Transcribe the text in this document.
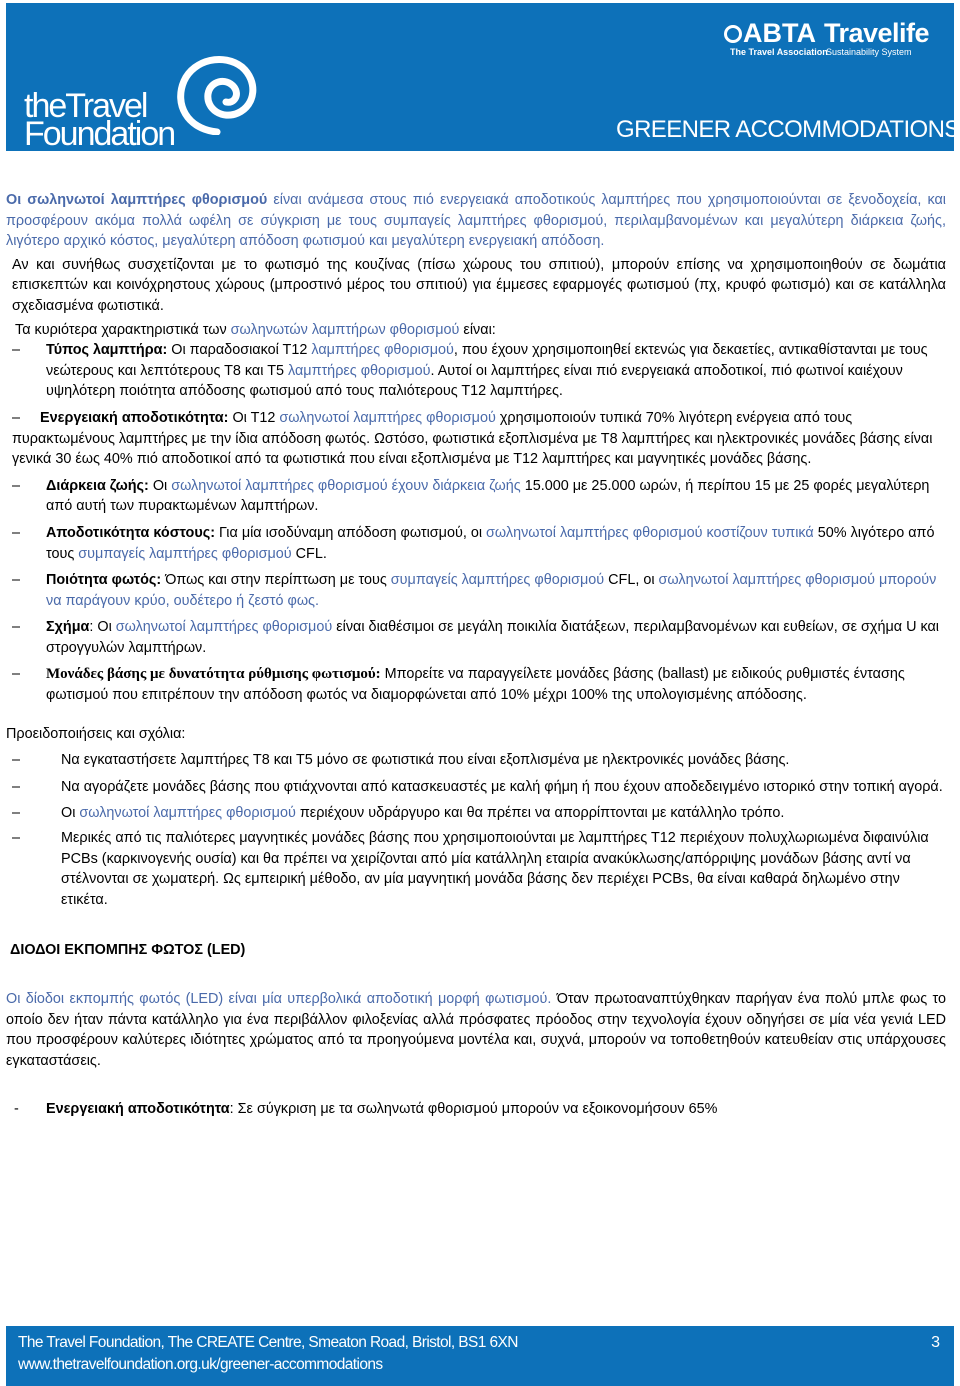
theTravel
Foundation
ABTA
The Travel Association
Travelife
Sustainability System
GREENER ACCOMMODATIONS

Οι σωληνωτοί λαμπτήρες φθορισμού είναι ανάμεσα στους πιό ενεργειακά αποδοτικούς λαμπτήρες που χρησιμοποιούνται σε ξενοδοχεία, και προσφέρουν ακόμα πολλά ωφέλη σε σύγκριση με τους συμπαγείς λαμπτήρες φθορισμού, περιλαμβανομένων και μεγαλύτερη διάρκεια ζωής, λιγότερο αρχικό κόστος, μεγαλύτερη απόδοση φωτισμού και μεγαλύτερη ενεργειακή απόδοση.

Αν και συνήθως συσχετίζονται με το φωτισμό της κουζίνας (πίσω χώρους του σπιτιού), μπορούν επίσης να χρησιμοποιηθούν σε δωμάτια επισκεπτών και κοινόχρηστους χώρους (μπροστινό μέρος του σπιτιού) για έμμεσες εφαρμογές φωτισμού (πχ, κρυφό φωτισμό) και σε κατάλληλα σχεδιασμένα φωτιστικά.

Τα κυριότερα χαρακτηριστικά των σωληνωτών λαμπτήρων φθορισμού είναι:

– Τύπος λαμπτήρα: Οι παραδοσιακοί Τ12 λαμπτήρες φθορισμού, που έχουν χρησιμοποιηθεί εκτενώς για δεκαετίες, αντικαθίστανται με τους νεώτερους και λεπτότερους Τ8 και Τ5 λαμπτήρες φθορισμού. Αυτοί οι λαμπτήρες είναι πιό ενεργειακά αποδοτικοί, πιό φωτινοί καιέχουν υψηλότερη ποιότητα απόδοσης φωτισμού από τους παλιότερους Τ12 λαμπτήρες.

– Ενεργειακή αποδοτικότητα: Οι Τ12 σωληνωτοί λαμπτήρες φθορισμού χρησιμοποιούν τυπικά 70% λιγότερη ενέργεια από τους πυρακτωμένους λαμπτήρες με την ίδια απόδοση φωτός. Ωστόσο, φωτιστικά εξοπλισμένα με Τ8 λαμπτήρες και ηλεκτρονικές μονάδες βάσης είναι γενικά 30 έως 40% πιό αποδοτικοί από τα φωτιστικά που είναι εξοπλισμένα με Τ12 λαμπτήρες και μαγνητικές μονάδες βάσης.

– Διάρκεια ζωής: Οι σωληνωτοί λαμπτήρες φθορισμού έχουν διάρκεια ζωής 15.000 με 25.000 ωρών, ή περίπου 15 με 25 φορές μεγαλύτερη από αυτή των πυρακτωμένων λαμπτήρων.

– Αποδοτικότητα κόστους: Για μία ισοδύναμη απόδοση φωτισμού, οι σωληνωτοί λαμπτήρες φθορισμού κοστίζουν τυπικά 50% λιγότερο από τους συμπαγείς λαμπτήρες φθορισμού CFL.

– Ποιότητα φωτός: Όπως και στην περίπτωση με τους συμπαγείς λαμπτήρες φθορισμού CFL, οι σωληνωτοί λαμπτήρες φθορισμού μπορούν να παράγουν κρύο, ουδέτερο ή ζεστό φως.

– Σχήμα: Οι σωληνωτοί λαμπτήρες φθορισμού είναι διαθέσιμοι σε μεγάλη ποικιλία διατάξεων, περιλαμβανομένων και ευθείων, σε σχήμα U και στρογγυλών λαμπτήρων.

– Μονάδες βάσης με δυνατότητα ρύθμισης φωτισμού: Μπορείτε να παραγγείλετε μονάδες βάσης (ballast) με ειδικούς ρυθμιστές έντασης φωτισμού που επιτρέπουν την απόδοση φωτός να διαμορφώνεται από 10% μέχρι 100% της υπολογισμένης απόδοσης.

Προειδοποιήσεις και σχόλια:

–	Να εγκαταστήσετε λαμπτήρες Τ8 και Τ5 μόνο σε φωτιστικά που είναι εξοπλισμένα με ηλεκτρονικές μονάδες βάσης.

–	Να αγοράζετε μονάδες βάσης που φτιάχνονται από κατασκευαστές με καλή φήμη ή που έχουν αποδεδειγμένο ιστορικό στην τοπική αγορά.

–	Οι σωληνωτοί λαμπτήρες φθορισμού περιέχουν υδράργυρο και θα πρέπει να απορρίπτονται με κατάλληλο τρόπο.

–	Μερικές από τις παλιότερες μαγνητικές μονάδες βάσης που χρησιμοποιούνται με λαμπτήρες Τ12 περιέχουν πολυχλωριωμένα διφαινύλια PCBs (καρκινογενής ουσία) και θα πρέπει να χειρίζονται από μία κατάλληλη εταιρία ανακύκλωσης/απόρριψης μονάδων βάσης αντί να στέλνονται σε χωματερή. Ως εμπειρική μέθοδο, αν μία μαγνητική μονάδα βάσης δεν περιέχει PCBs, θα είναι καθαρά δηλωμένο στην ετικέτα.

ΔΙΟΔΟΙ ΕΚΠΟΜΠΗΣ ΦΩΤΟΣ (LED)

Οι δίοδοι εκπομπής φωτός (LED) είναι μία υπερβολικά αποδοτική μορφή φωτισμού. Όταν πρωτοαναπτύχθηκαν παρήγαν ένα πολύ μπλε φως το οποίο δεν ήταν πάντα κατάλληλο για ένα περιβάλλον φιλοξενίας αλλά πρόσφατες πρόοδος στην τεχνολογία έχουν οδηγήσει σε μία νέα γενιά LED που προσφέρουν καλύτερες ιδιότητες χρώματος από τα προηγούμενα μοντέλα και, συχνά, μπορούν να τοποθετηθούν κατευθείαν στις υπάρχουσες εγκαταστάσεις.

- Ενεργειακή αποδοτικότητα: Σε σύγκριση με τα σωληνωτά φθορισμού μπορούν να εξοικονομήσουν 65%

The Travel Foundation, The CREATE Centre, Smeaton Road, Bristol, BS1 6XN
www.thetravelfoundation.org.uk/greener-accommodations
3
